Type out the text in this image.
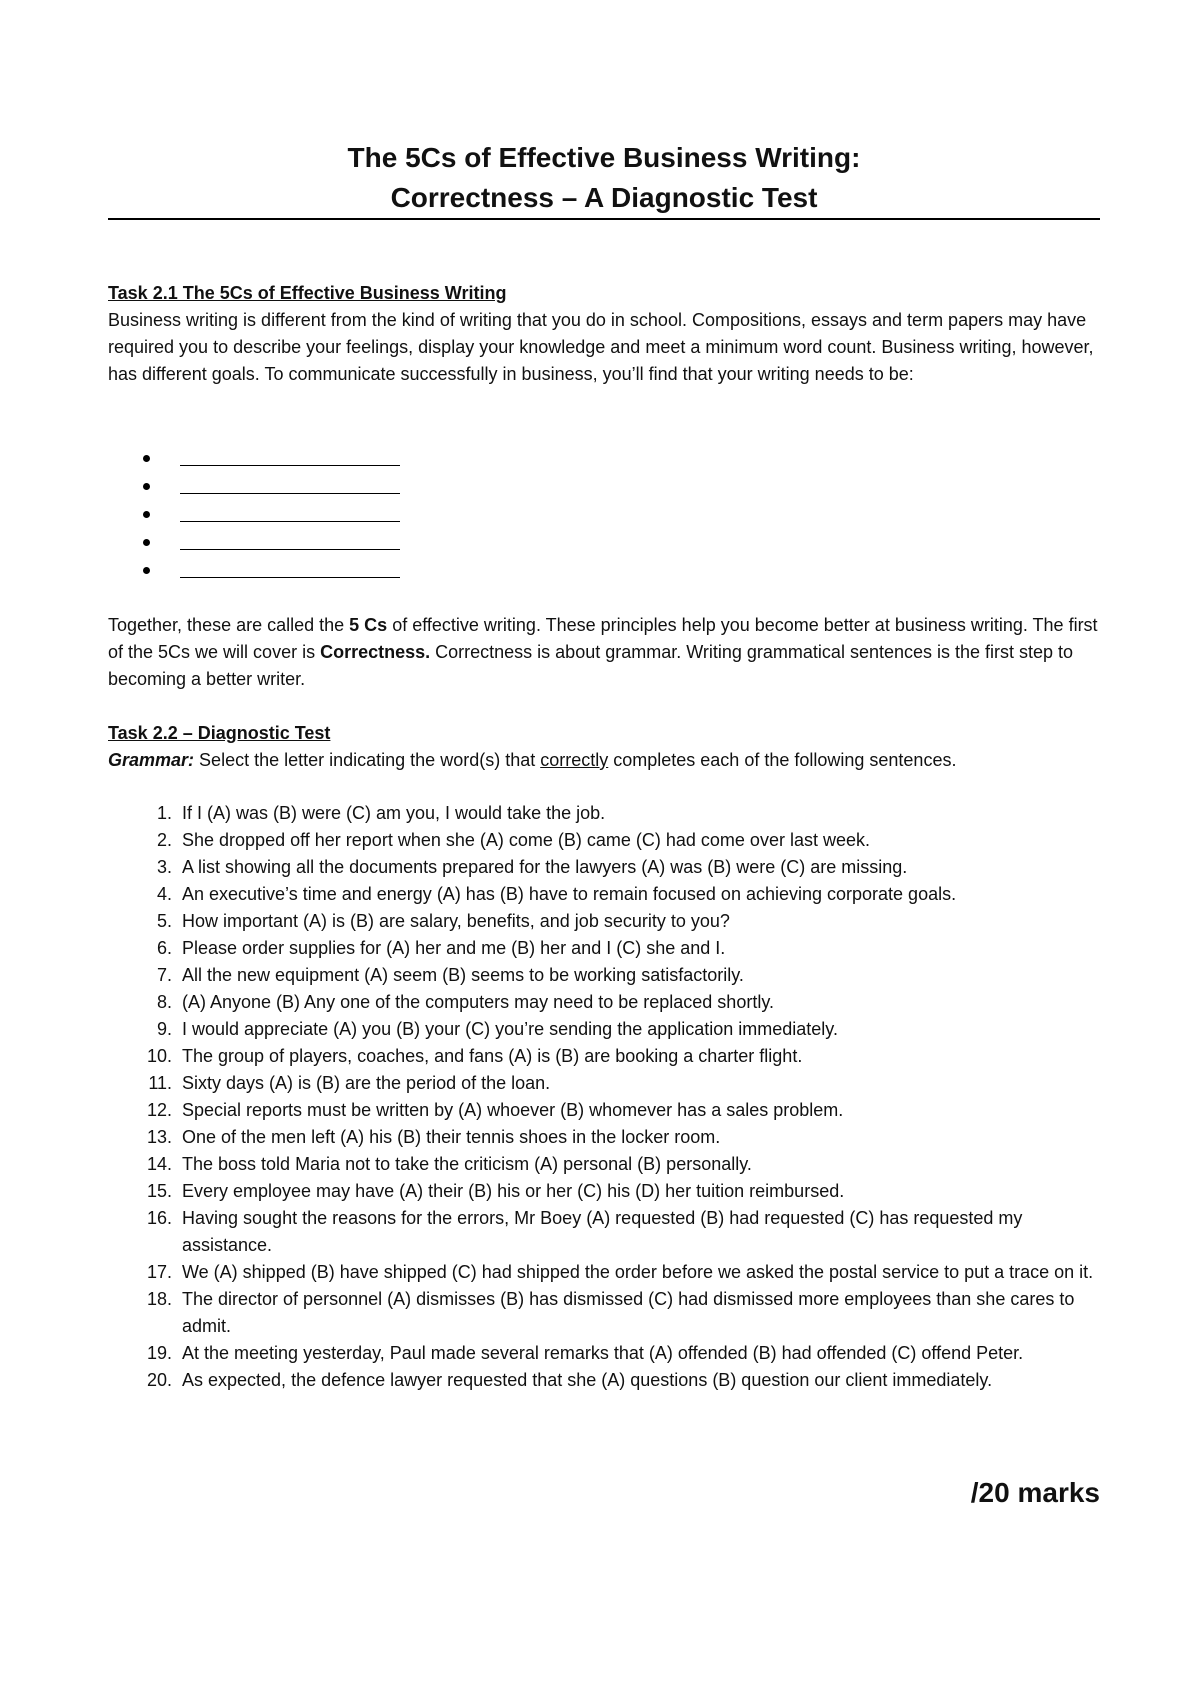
The 5Cs of Effective Business Writing:
Correctness – A Diagnostic Test
Task 2.1 The 5Cs of Effective Business Writing

Business writing is different from the kind of writing that you do in school. Compositions, essays and term papers may have required you to describe your feelings, display your knowledge and meet a minimum word count. Business writing, however, has different goals. To communicate successfully in business, you’ll find that your writing needs to be:

Together, these are called the 5 Cs of effective writing. These principles help you become better at business writing. The first of the 5Cs we will cover is Correctness. Correctness is about grammar. Writing grammatical sentences is the first step to becoming a better writer.

Task 2.2 – Diagnostic Test

Grammar: Select the letter indicating the word(s) that correctly completes each of the following sentences.

1. If I (A) was (B) were (C) am you, I would take the job.
2. She dropped off her report when she (A) come (B) came (C) had come over last week.
3. A list showing all the documents prepared for the lawyers (A) was (B) were (C) are missing.
4. An executive’s time and energy (A) has (B) have to remain focused on achieving corporate goals.
5. How important (A) is (B) are salary, benefits, and job security to you?
6. Please order supplies for (A) her and me (B) her and I (C) she and I.
7. All the new equipment (A) seem (B) seems to be working satisfactorily.
8. (A) Anyone (B) Any one of the computers may need to be replaced shortly.
9. I would appreciate (A) you (B) your (C) you’re sending the application immediately.
10. The group of players, coaches, and fans (A) is (B) are booking a charter flight.
11. Sixty days (A) is (B) are the period of the loan.
12. Special reports must be written by (A) whoever (B) whomever has a sales problem.
13. One of the men left (A) his (B) their tennis shoes in the locker room.
14. The boss told Maria not to take the criticism (A) personal (B) personally.
15. Every employee may have (A) their (B) his or her (C) his (D) her tuition reimbursed.
16. Having sought the reasons for the errors, Mr Boey (A) requested (B) had requested (C) has requested my assistance.
17. We (A) shipped (B) have shipped (C) had shipped the order before we asked the postal service to put a trace on it.
18. The director of personnel (A) dismisses (B) has dismissed (C) had dismissed more employees than she cares to admit.
19. At the meeting yesterday, Paul made several remarks that (A) offended (B) had offended (C) offend Peter.
20. As expected, the defence lawyer requested that she (A) questions (B) question our client immediately.
/20 marks
